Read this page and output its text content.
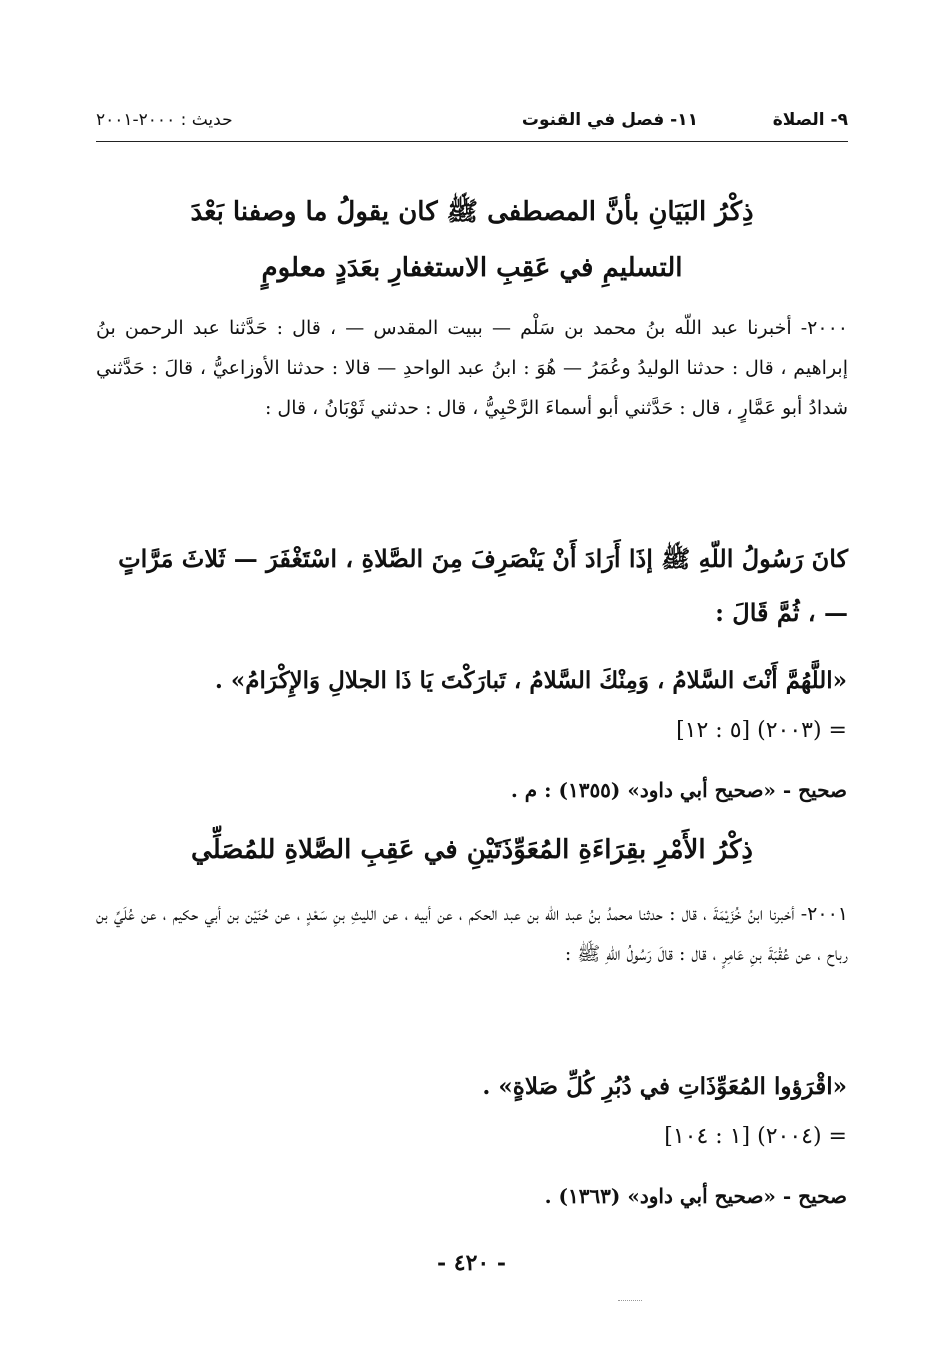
٩- الصلاة
١١- فصل في القنوت
حديث : ٢٠٠٠-٢٠٠١
ذِكْرُ البَيَانِ بأنَّ المصطفى ﷺ كان يقولُ ما وصفنا بَعْدَ
التسليمِ في عَقِبِ الاستغفارِ بعَدَدٍ معلومٍ
٢٠٠٠- أخبرنا عبد اللّه بنُ محمد بن سَلْم — ببيت المقدس — ، قال : حَدَّثنا عبد الرحمن بنُ إبراهيم ، قال : حدثنا الوليدُ وعُمَرُ — هُوَ : ابنُ عبد الواحدِ — قالا : حدثنا الأوزاعيُّ ، قالَ : حَدَّثني شدادُ أبو عَمَّارٍ ، قال : حَدَّثني أبو أسماءَ الرَّحْبِيُّ ، قال : حدثني ثَوْبَانُ ، قال :
كانَ رَسُولُ اللّهِ ﷺ إذَا أَرَادَ أَنْ يَنْصَرِفَ مِنَ الصَّلاةِ ، اسْتَغْفَرَ — ثَلاثَ مَرَّاتٍ — ، ثُمَّ قَالَ :
«اللَّهُمَّ أَنْتَ السَّلامُ ، وَمِنْكَ السَّلامُ ، تَبارَكْتَ يَا ذَا الجلالِ وَالإِكْرَامُ» .
= (٢٠٠٣) [٥ : ١٢]
صحيح - «صحيح أبي داود» (١٣٥٥) : م .
ذِكْرُ الأَمْرِ بقِرَاءَةِ المُعَوِّذَتَيْنِ في عَقِبِ الصَّلاةِ للمُصَلِّي
٢٠٠١- أخبرنا ابنُ خُزَيْمَةَ ، قال : حدثنا محمدُ بنُ عبد اللّه بن عبد الحكم ، عن أبيه ، عن الليثِ بنِ سَعْدٍ ، عن حُنَيْن بن أبي حكيم ، عن عُلَيِّ بن رباح ، عن عُقْبَةَ بنِ عَامِرٍ ، قال : قالَ رَسُولُ اللّهِ ﷺ :
«اقْرَؤوا المُعَوِّذَاتِ في دُبُرِ كُلِّ صَلاةٍ» .
= (٢٠٠٤) [١ : ١٠٤]
صحيح - «صحيح أبي داود» (١٣٦٣) .
- ٤٢٠ -
